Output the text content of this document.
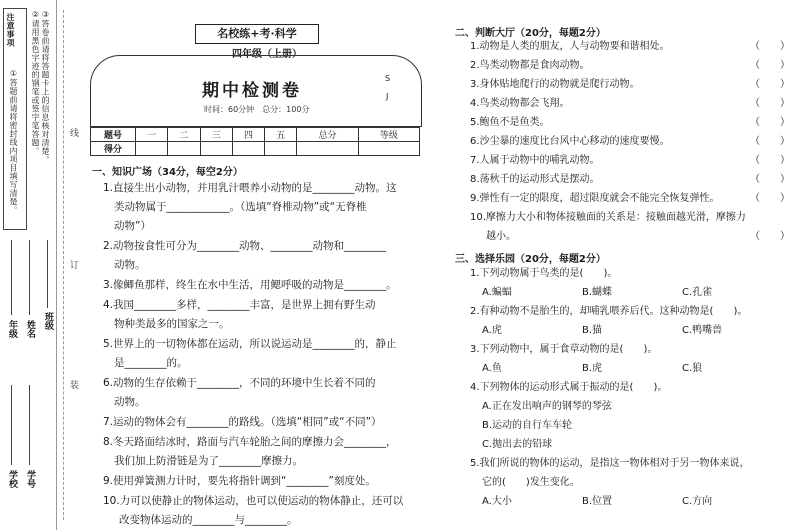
注意事项
①答题前请将密封线内项目填写清楚。 ②请用黑色字迹的钢笔或签字笔答题。 ③答卷前请将答题卡上的信息核对清楚。
学校 学号
年级 姓名 班级
线
订
装
名校练+考·科学
四年级（上册）
期中检测卷
时间：60分钟　总分：100分
S
J
题号	一	二	三	四	五	总分	等级
得分							
一、知识广场（34分，每空2分）
1.直接生出小动物，并用乳汁喂养小动物的是________动物。这
类动物属于____________。（选填“脊椎动物”或“无脊椎
动物”）
2.动物按食性可分为________动物、________动物和________
动物。
3.像鲫鱼那样，终生在水中生活，用鳃呼吸的动物是________。
4.我国________多样，________丰富，是世界上拥有野生动
物种类最多的国家之一。
5.世界上的一切物体都在运动，所以说运动是________的，静止
是________的。
6.动物的生存依赖于________，不同的环境中生长着不同的
动物。
7.运动的物体会有________的路线。（选填“相同”或“不同”）
8.冬天路面结冰时，路面与汽车轮胎之间的摩擦力会________，
我们加上防滑链是为了________摩擦力。
9.使用弹簧测力计时，要先将指针调到“________”刻度处。
10.力可以使静止的物体运动，也可以使运动的物体静止，还可以
改变物体运动的________与________。
二、判断大厅（20分，每题2分）
1.动物是人类的朋友，人与动物要和谐相处。	（　　）
2.鸟类动物都是食肉动物。	（　　）
3.身体贴地爬行的动物就是爬行动物。	（　　）
4.鸟类动物都会飞翔。	（　　）
5.鲍鱼不是鱼类。	（　　）
6.沙尘暴的速度比台风中心移动的速度要慢。	（　　）
7.人属于动物中的哺乳动物。	（　　）
8.荡秋千的运动形式是摆动。	（　　）
9.弹性有一定的限度，超过限度就会不能完全恢复弹性。	（　　）
10.摩擦力大小和物体接触面的关系是：接触面越光滑，摩擦力
越小。	（　　）
三、选择乐园（20分，每题2分）
1.下列动物属于鸟类的是(　　)。
A.蝙蝠	B.蝴蝶	C.孔雀
2.有种动物不是胎生的，却哺乳喂养后代。这种动物是(　　)。
A.虎	B.猫	C.鸭嘴兽
3.下列动物中，属于食草动物的是(　　)。
A.鱼	B.虎	C.狼
4.下列物体的运动形式属于振动的是(　　)。
A.正在发出响声的钢琴的琴弦
B.运动的自行车车轮
C.抛出去的铅球
5.我们所说的物体的运动，是指这一物体相对于另一物体来说，
它的(　　)发生变化。
A.大小	B.位置	C.方向
